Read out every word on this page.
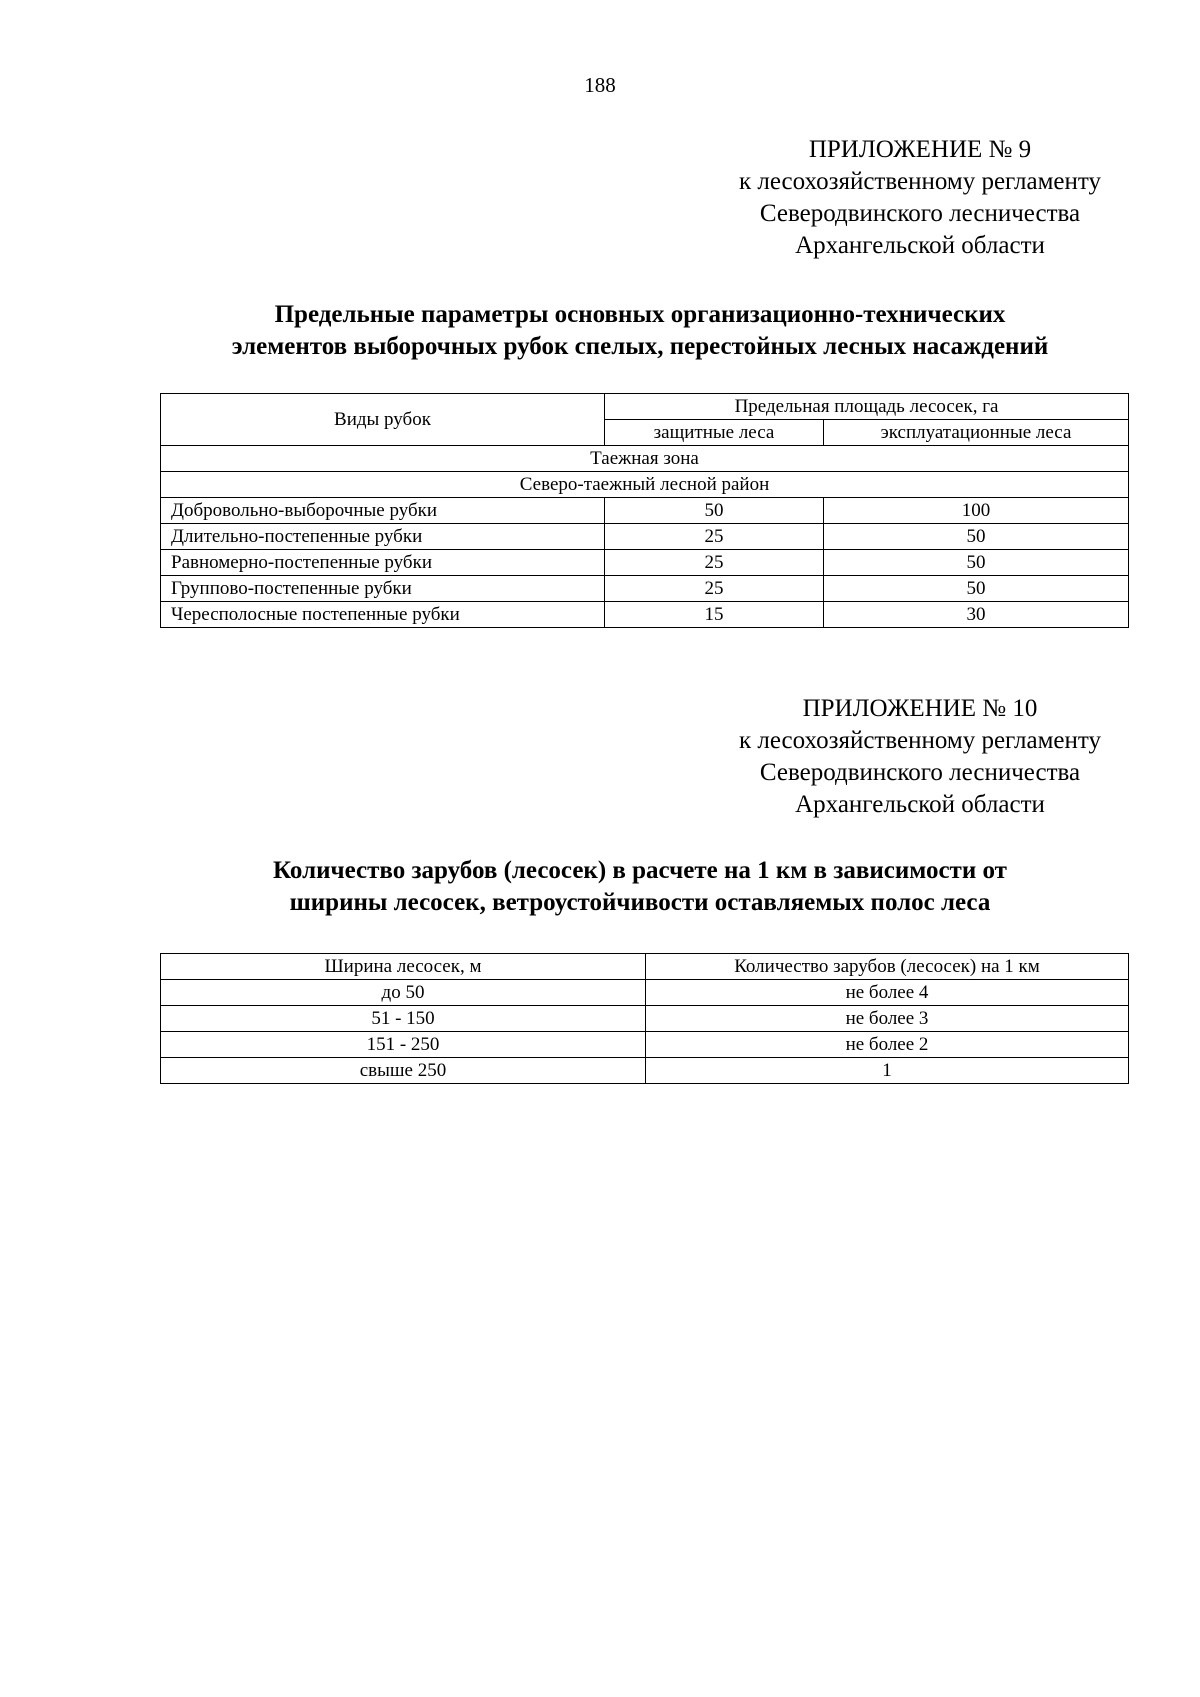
188
ПРИЛОЖЕНИЕ № 9
к лесохозяйственному регламенту
Северодвинского лесничества
Архангельской области
Предельные параметры основных организационно-технических
элементов выборочных рубок спелых, перестойных лесных насаждений
Виды рубок	Предельная площадь лесосек, га	
	защитные леса	эксплуатационные леса
Таежная зона		
Северо-таежный лесной район		
Добровольно-выборочные рубки	50	100
Длительно-постепенные рубки	25	50
Равномерно-постепенные рубки	25	50
Группово-постепенные рубки	25	50
Чересполосные постепенные рубки	15	30
ПРИЛОЖЕНИЕ № 10
к лесохозяйственному регламенту
Северодвинского лесничества
Архангельской области
Количество зарубов (лесосек) в расчете на 1 км в зависимости от
ширины лесосек, ветроустойчивости оставляемых полос леса
Ширина лесосек, м	Количество зарубов (лесосек) на 1 км
до 50	не более 4
51 - 150	не более 3
151 - 250	не более 2
свыше 250	1
